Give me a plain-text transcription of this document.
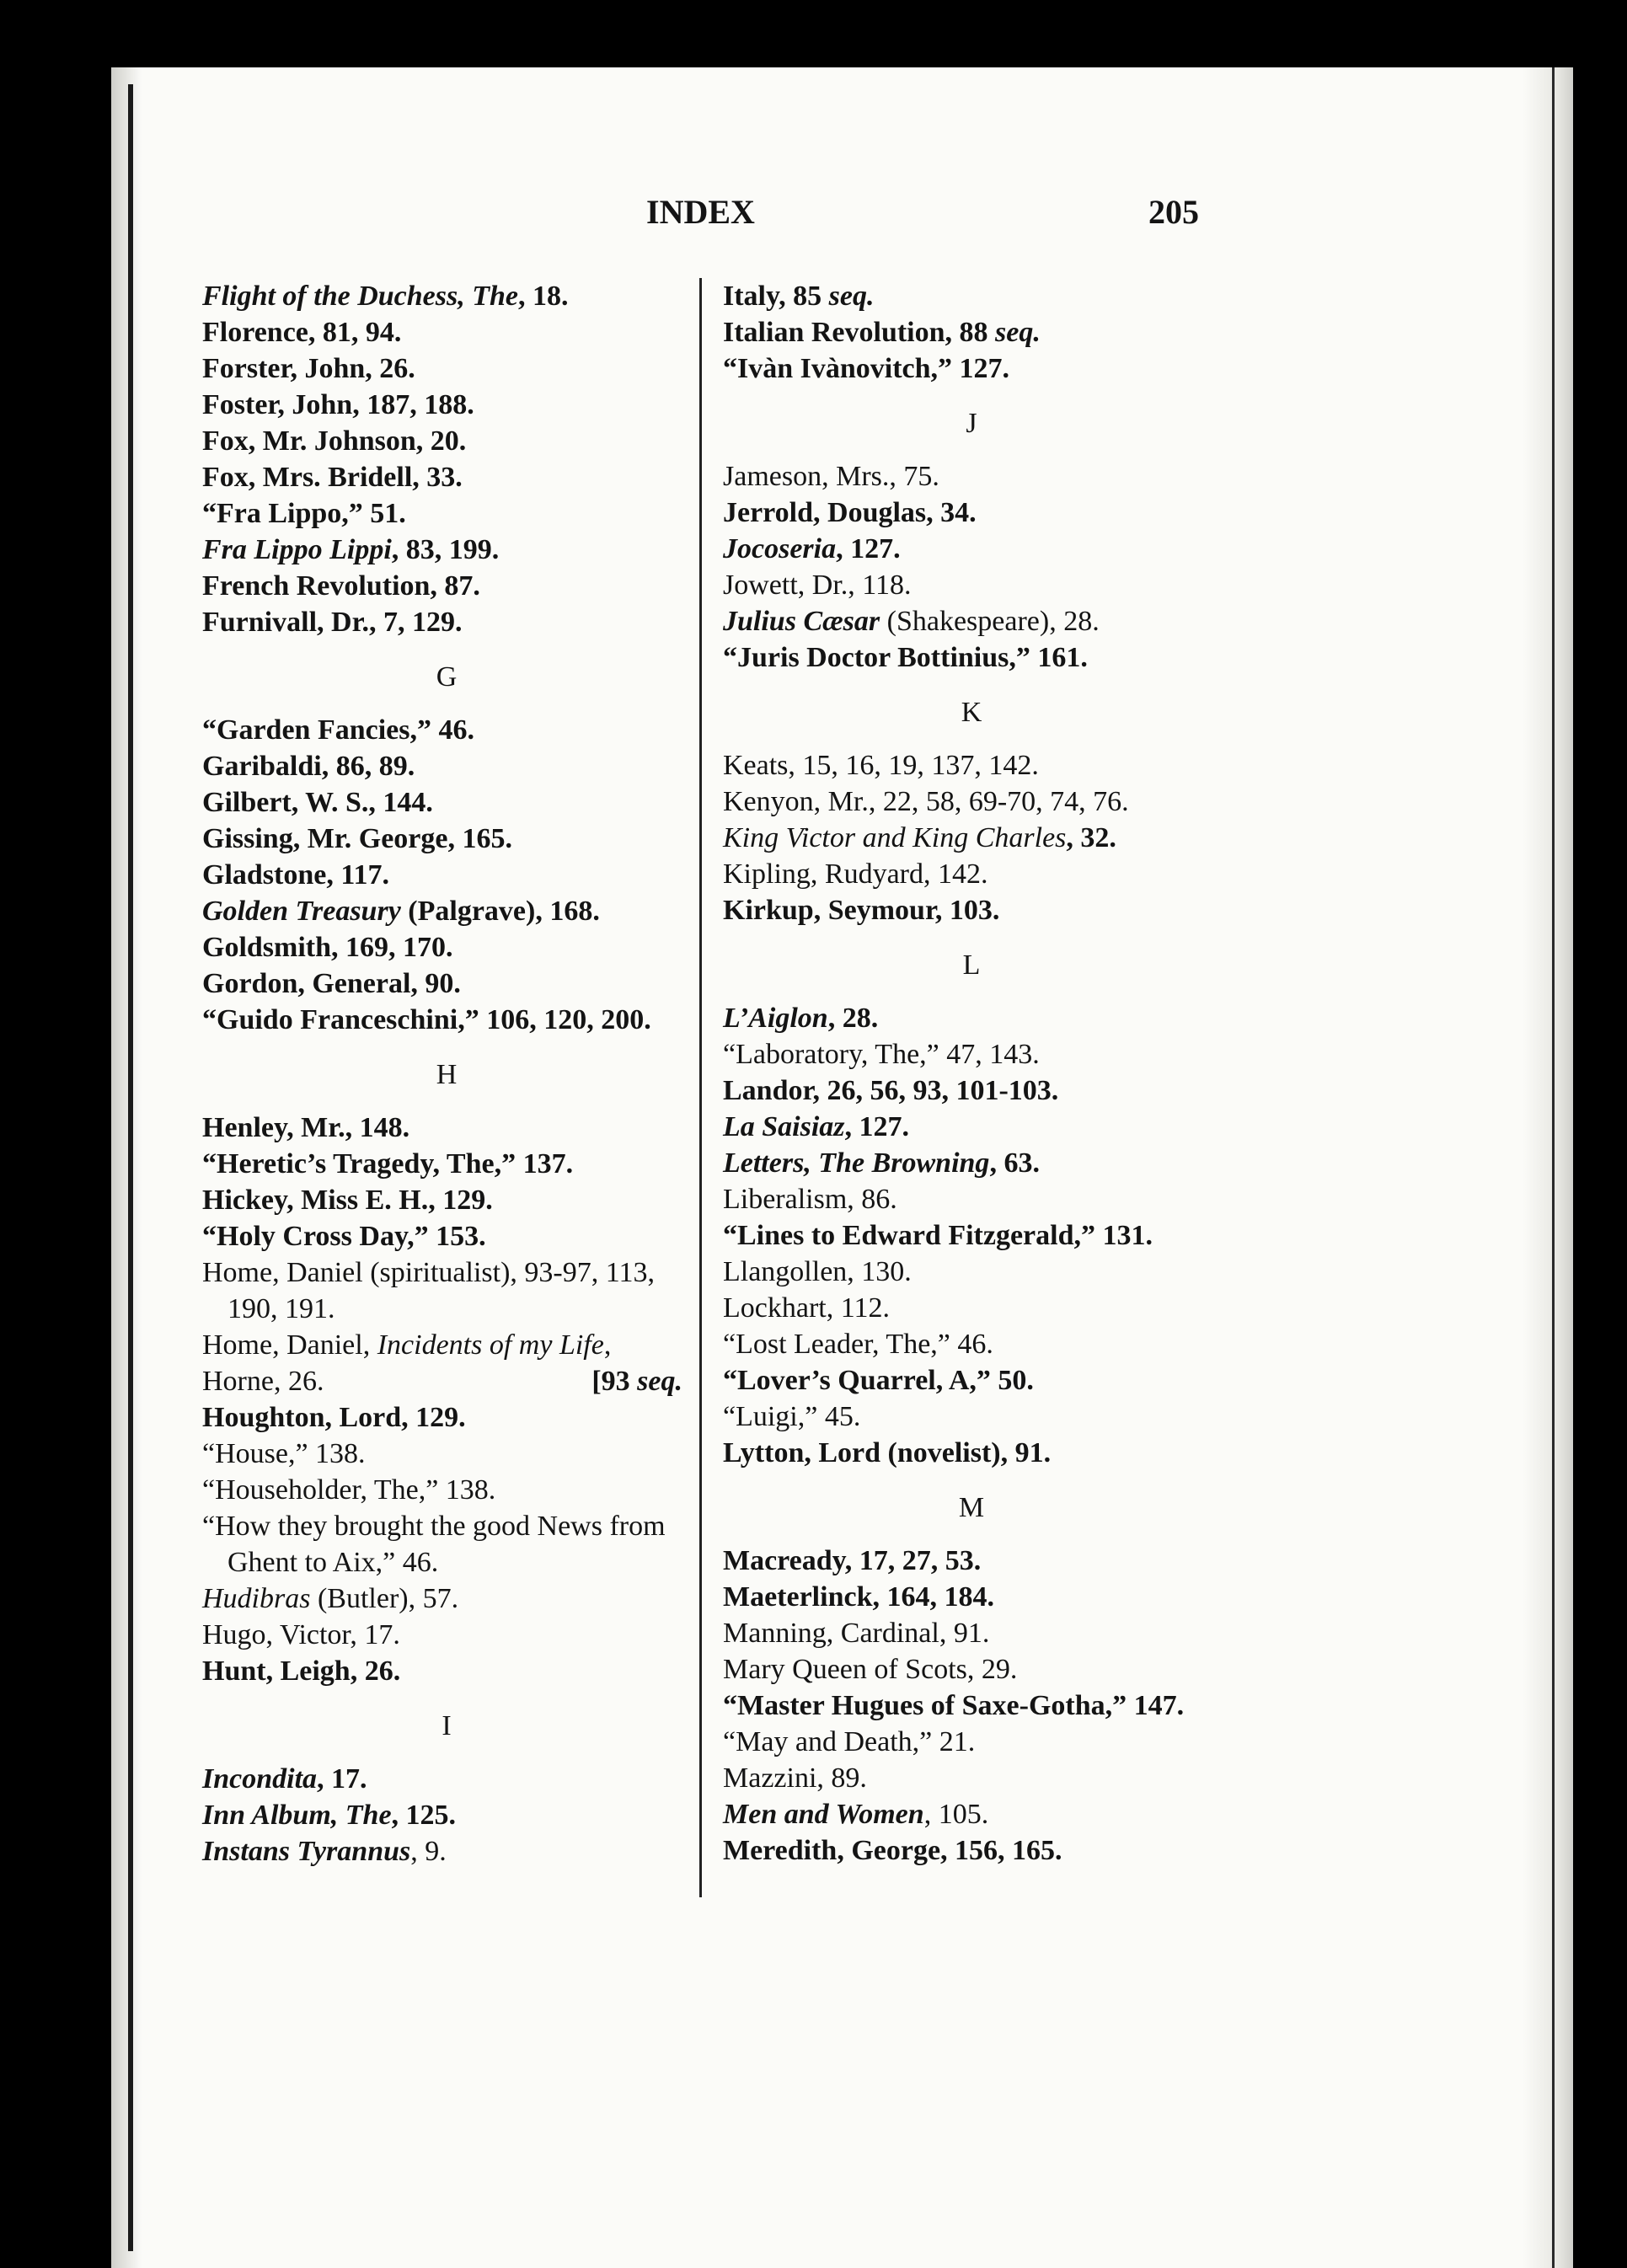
INDEX	205
Flight of the Duchess, The, 18.
Florence, 81, 94.
Forster, John, 26.
Foster, John, 187, 188.
Fox, Mr. Johnson, 20.
Fox, Mrs. Bridell, 33.
“Fra Lippo,” 51.
Fra Lippo Lippi, 83, 199.
French Revolution, 87.
Furnivall, Dr., 7, 129.
G
“Garden Fancies,” 46.
Garibaldi, 86, 89.
Gilbert, W. S., 144.
Gissing, Mr. George, 165.
Gladstone, 117.
Golden Treasury (Palgrave), 168.
Goldsmith, 169, 170.
Gordon, General, 90.
“Guido Franceschini,” 106, 120, 200.
H
Henley, Mr., 148.
“Heretic’s Tragedy, The,” 137.
Hickey, Miss E. H., 129.
“Holy Cross Day,” 153.
Home, Daniel (spiritualist), 93-97, 113, 190, 191.
Home, Daniel, Incidents of my Life,
Horne, 26.	[93 seq.
Houghton, Lord, 129.
“House,” 138.
“Householder, The,” 138.
“How they brought the good News from Ghent to Aix,” 46.
Hudibras (Butler), 57.
Hugo, Victor, 17.
Hunt, Leigh, 26.
I
Incondita, 17.
Inn Album, The, 125.
Instans Tyrannus, 9.
Italy, 85 seq.
Italian Revolution, 88 seq.
“Ivàn Ivànovitch,” 127.
J
Jameson, Mrs., 75.
Jerrold, Douglas, 34.
Jocoseria, 127.
Jowett, Dr., 118.
Julius Cæsar (Shakespeare), 28.
“Juris Doctor Bottinius,” 161.
K
Keats, 15, 16, 19, 137, 142.
Kenyon, Mr., 22, 58, 69-70, 74, 76.
King Victor and King Charles, 32.
Kipling, Rudyard, 142.
Kirkup, Seymour, 103.
L
L’Aiglon, 28.
“Laboratory, The,” 47, 143.
Landor, 26, 56, 93, 101-103.
La Saisiaz, 127.
Letters, The Browning, 63.
Liberalism, 86.
“Lines to Edward Fitzgerald,” 131.
Llangollen, 130.
Lockhart, 112.
“Lost Leader, The,” 46.
“Lover’s Quarrel, A,” 50.
“Luigi,” 45.
Lytton, Lord (novelist), 91.
M
Macready, 17, 27, 53.
Maeterlinck, 164, 184.
Manning, Cardinal, 91.
Mary Queen of Scots, 29.
“Master Hugues of Saxe-Gotha,” 147.
“May and Death,” 21.
Mazzini, 89.
Men and Women, 105.
Meredith, George, 156, 165.
